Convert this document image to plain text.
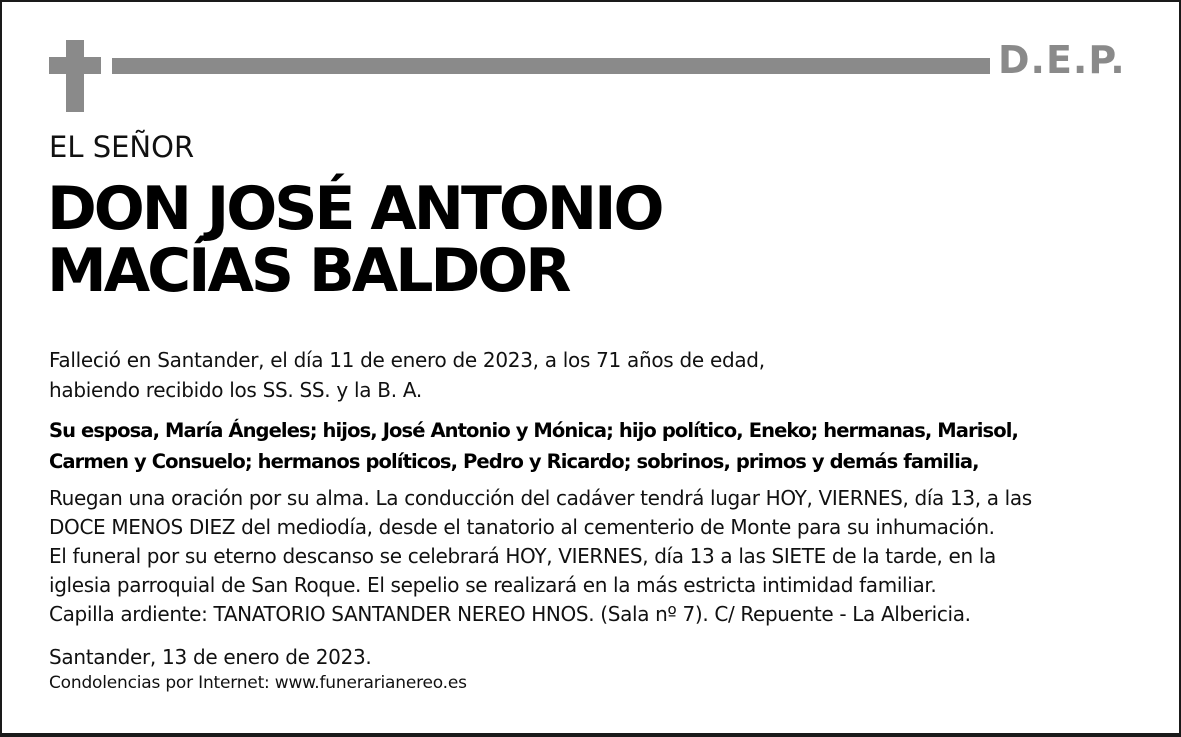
D.E.P.
EL SEÑOR
DON JOSÉ ANTONIO
MACÍAS BALDOR
Falleció en Santander, el día 11 de enero de 2023, a los 71 años de edad,
habiendo recibido los SS. SS. y la B. A.
Su esposa, María Ángeles; hijos, José Antonio y Mónica; hijo político, Eneko; hermanas, Marisol,
Carmen y Consuelo; hermanos políticos, Pedro y Ricardo; sobrinos, primos y demás familia,
Ruegan una oración por su alma. La conducción del cadáver tendrá lugar HOY, VIERNES, día 13, a las
DOCE MENOS DIEZ del mediodía, desde el tanatorio al cementerio de Monte para su inhumación.
El funeral por su eterno descanso se celebrará HOY, VIERNES, día 13 a las SIETE de la tarde, en la
iglesia parroquial de San Roque. El sepelio se realizará en la más estricta intimidad familiar.
Capilla ardiente: TANATORIO SANTANDER NEREO HNOS. (Sala nº 7). C/ Repuente - La Albericia.
Santander, 13 de enero de 2023.
Condolencias por Internet: www.funerarianereo.es
